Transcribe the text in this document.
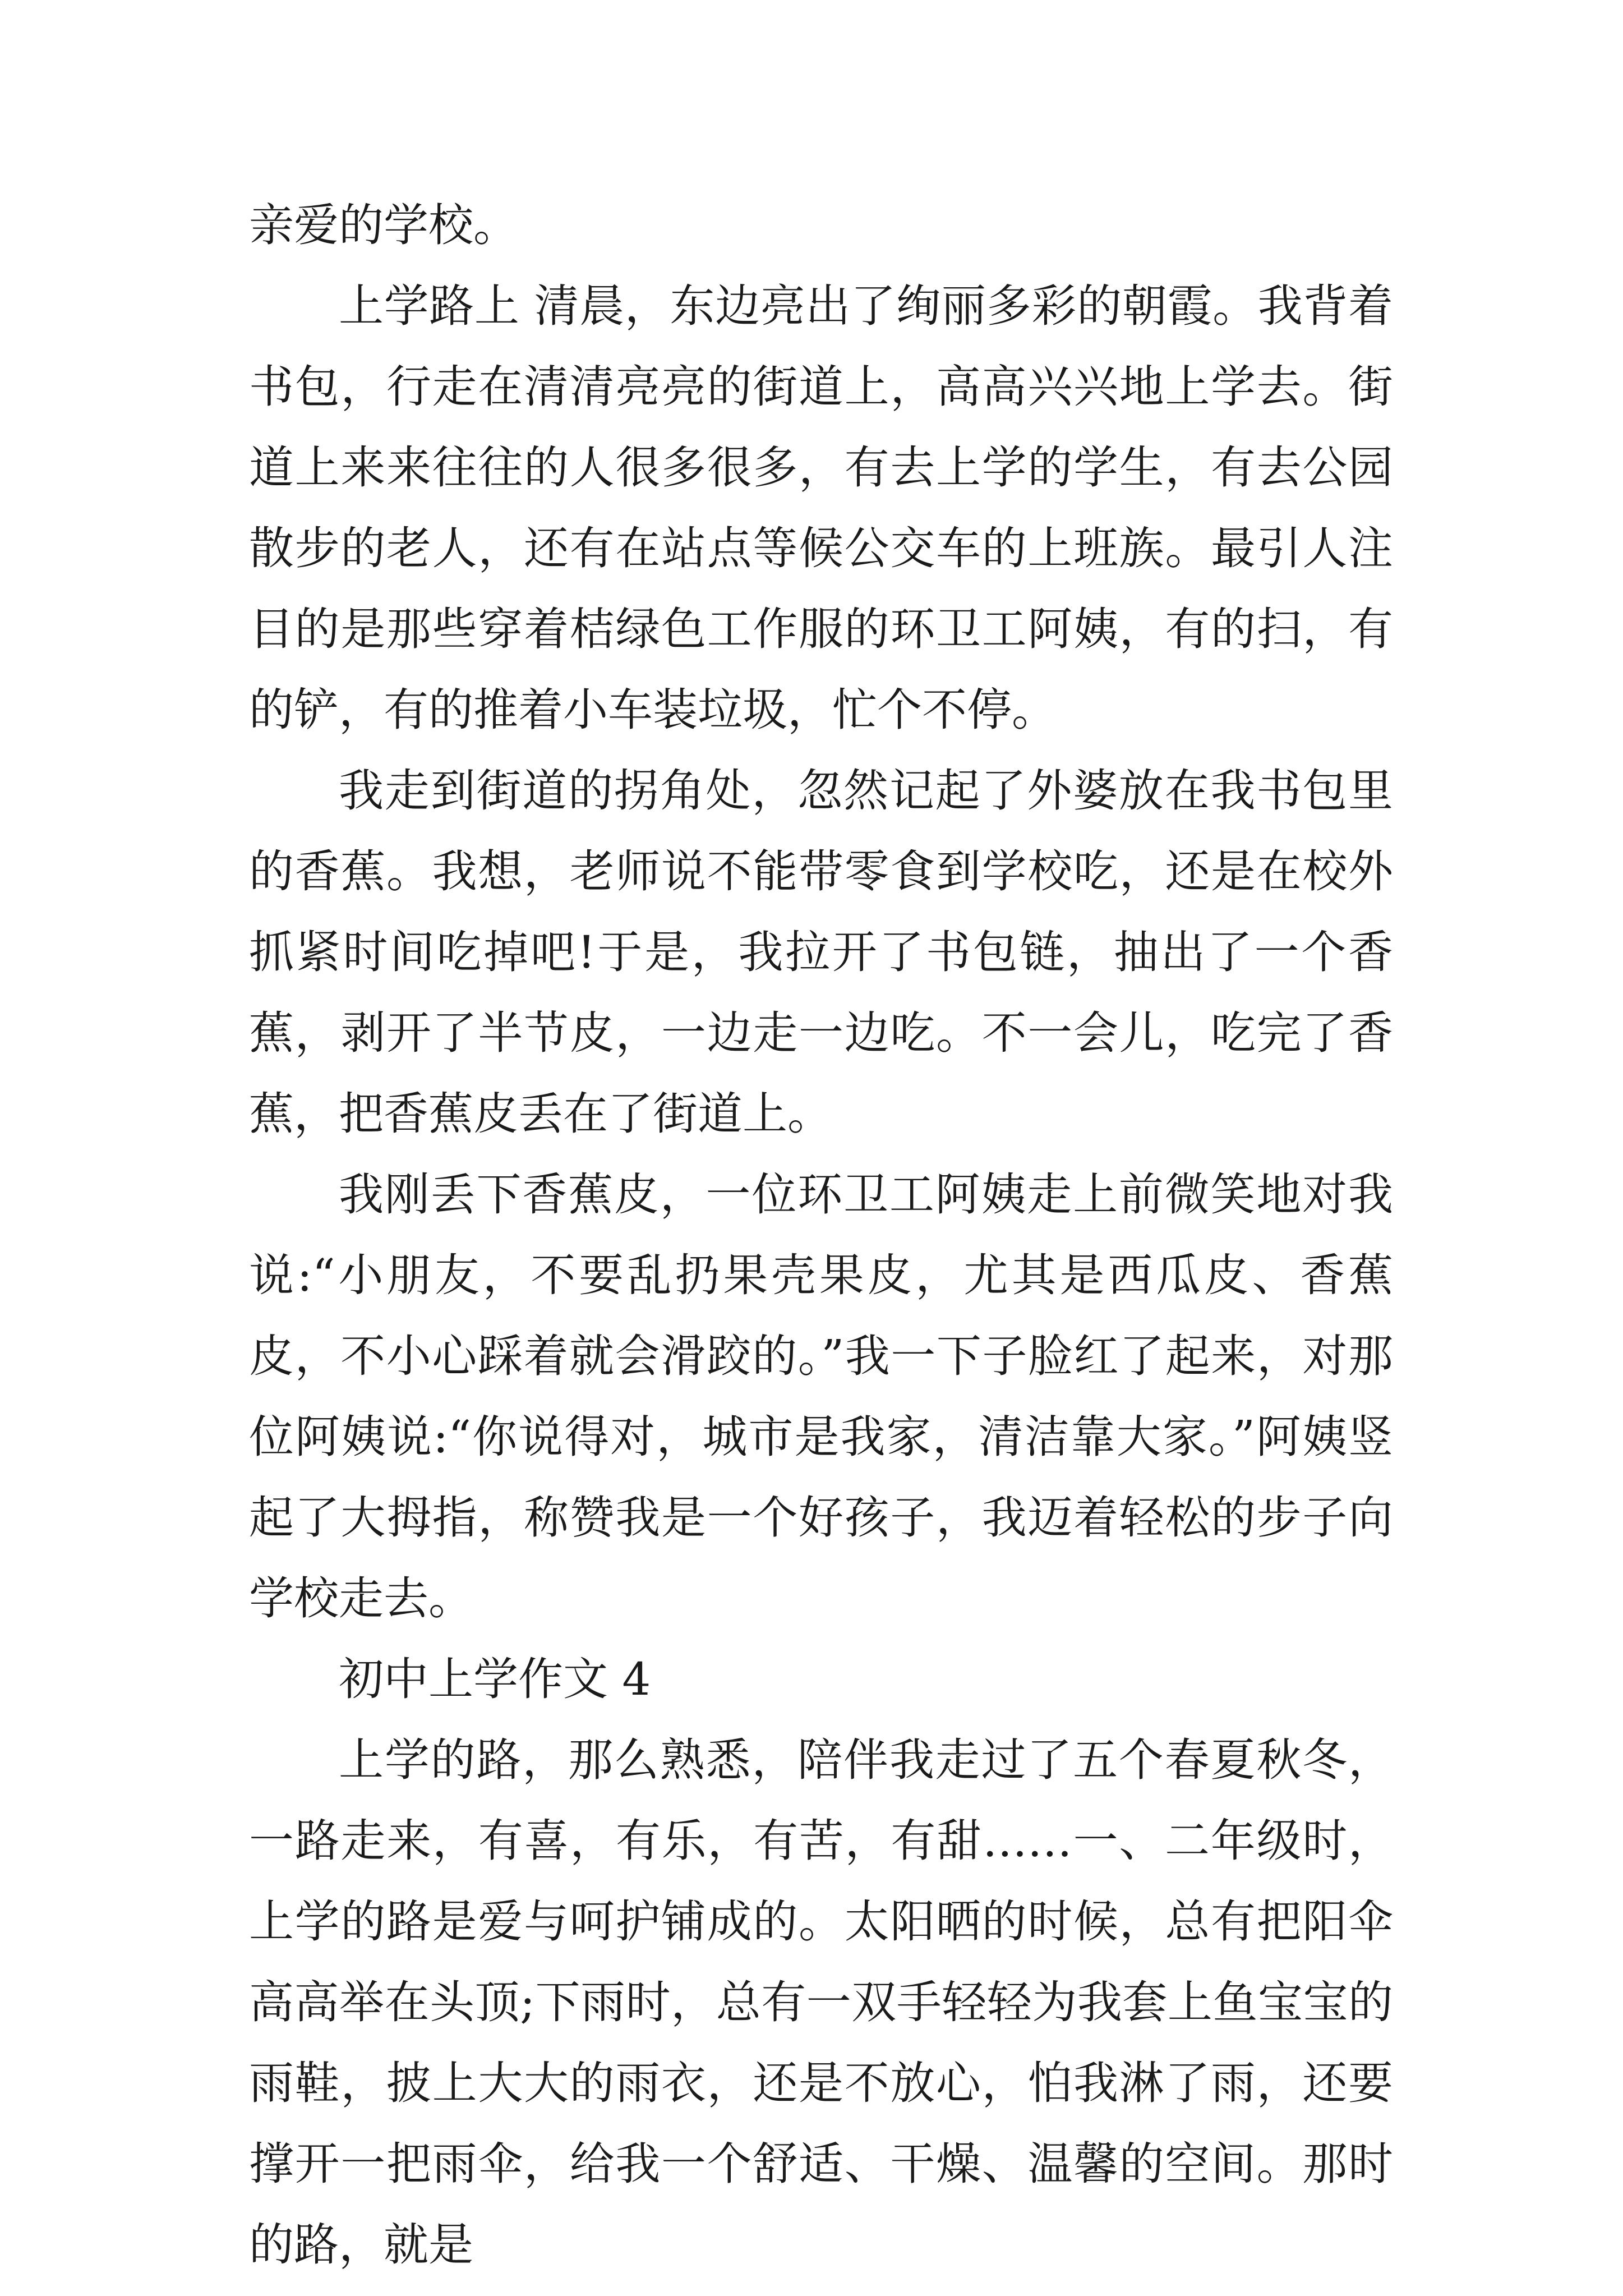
亲爱的学校。

上学路上 清晨，东边亮出了绚丽多彩的朝霞。我背着书包，行走在清清亮亮的街道上，高高兴兴地上学去。街道上来来往往的人很多很多，有去上学的学生，有去公园散步的老人，还有在站点等候公交车的上班族。最引人注目的是那些穿着桔绿色工作服的环卫工阿姨，有的扫，有的铲，有的推着小车装垃圾，忙个不停。

我走到街道的拐角处，忽然记起了外婆放在我书包里的香蕉。我想，老师说不能带零食到学校吃，还是在校外抓紧时间吃掉吧!于是，我拉开了书包链，抽出了一个香蕉，剥开了半节皮，一边走一边吃。不一会儿，吃完了香蕉，把香蕉皮丢在了街道上。

我刚丢下香蕉皮，一位环卫工阿姨走上前微笑地对我说:“小朋友，不要乱扔果壳果皮，尤其是西瓜皮、香蕉皮，不小心踩着就会滑跤的。”我一下子脸红了起来，对那位阿姨说:“你说得对，城市是我家，清洁靠大家。”阿姨竖起了大拇指，称赞我是一个好孩子，我迈着轻松的步子向学校走去。

初中上学作文 4

上学的路，那么熟悉，陪伴我走过了五个春夏秋冬，一路走来，有喜，有乐，有苦，有甜……一、二年级时，上学的路是爱与呵护铺成的。太阳晒的时候，总有把阳伞高高举在头顶;下雨时，总有一双手轻轻为我套上鱼宝宝的雨鞋，披上大大的雨衣，还是不放心，怕我淋了雨，还要撑开一把雨伞，给我一个舒适、干燥、温馨的空间。那时的路，就是
